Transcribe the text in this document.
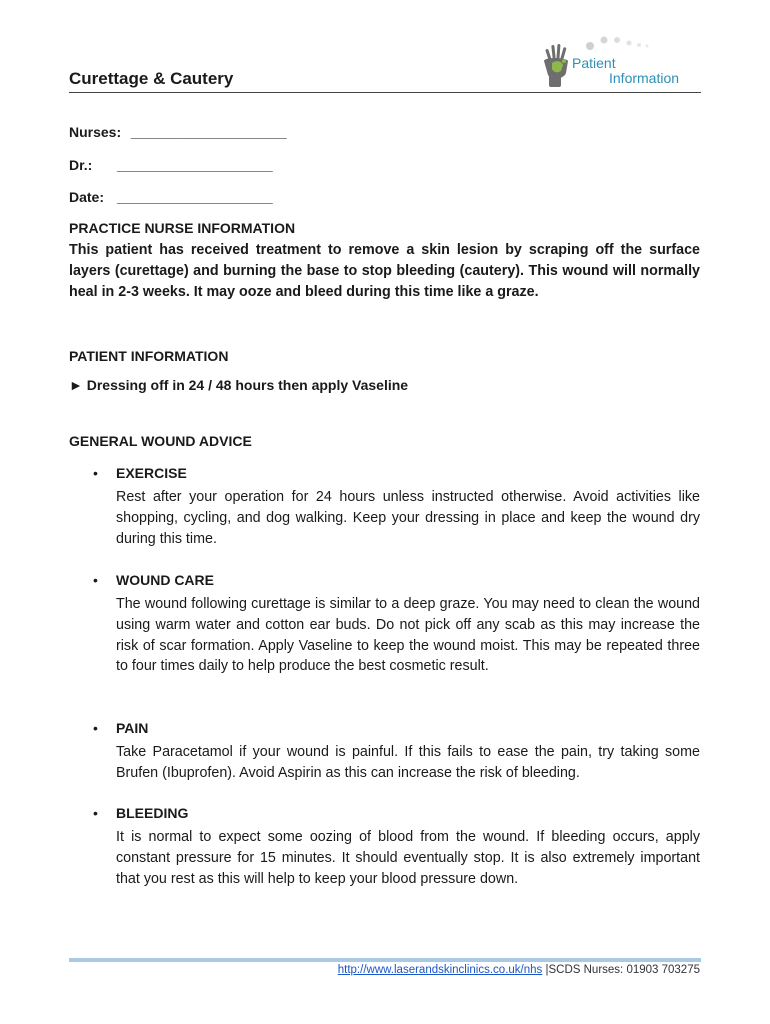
Curettage & Cautery
Patient
Information
Nurses: ____________________
Dr.: ____________________
Date: ____________________
PRACTICE NURSE INFORMATION

This patient has received treatment to remove a skin lesion by scraping off the surface layers (curettage) and burning the base to stop bleeding (cautery). This wound will normally heal in 2-3 weeks. It may ooze and bleed during this time like a graze.

PATIENT INFORMATION
► Dressing off in 24 / 48 hours then apply Vaseline
GENERAL WOUND ADVICE
• EXERCISE

Rest after your operation for 24 hours unless instructed otherwise. Avoid activities like shopping, cycling, and dog walking. Keep your dressing in place and keep the wound dry during this time.

• WOUND CARE

The wound following curettage is similar to a deep graze. You may need to clean the wound using warm water and cotton ear buds. Do not pick off any scab as this may increase the risk of scar formation. Apply Vaseline to keep the wound moist. This may be repeated three to four times daily to help produce the best cosmetic result.

• PAIN

Take Paracetamol if your wound is painful. If this fails to ease the pain, try taking some Brufen (Ibuprofen). Avoid Aspirin as this can increase the risk of bleeding.

• BLEEDING

It is normal to expect some oozing of blood from the wound. If bleeding occurs, apply constant pressure for 15 minutes. It should eventually stop. It is also extremely important that you rest as this will help to keep your blood pressure down.

http://www.laserandskinclinics.co.uk/nhs |SCDS Nurses: 01903 703275
